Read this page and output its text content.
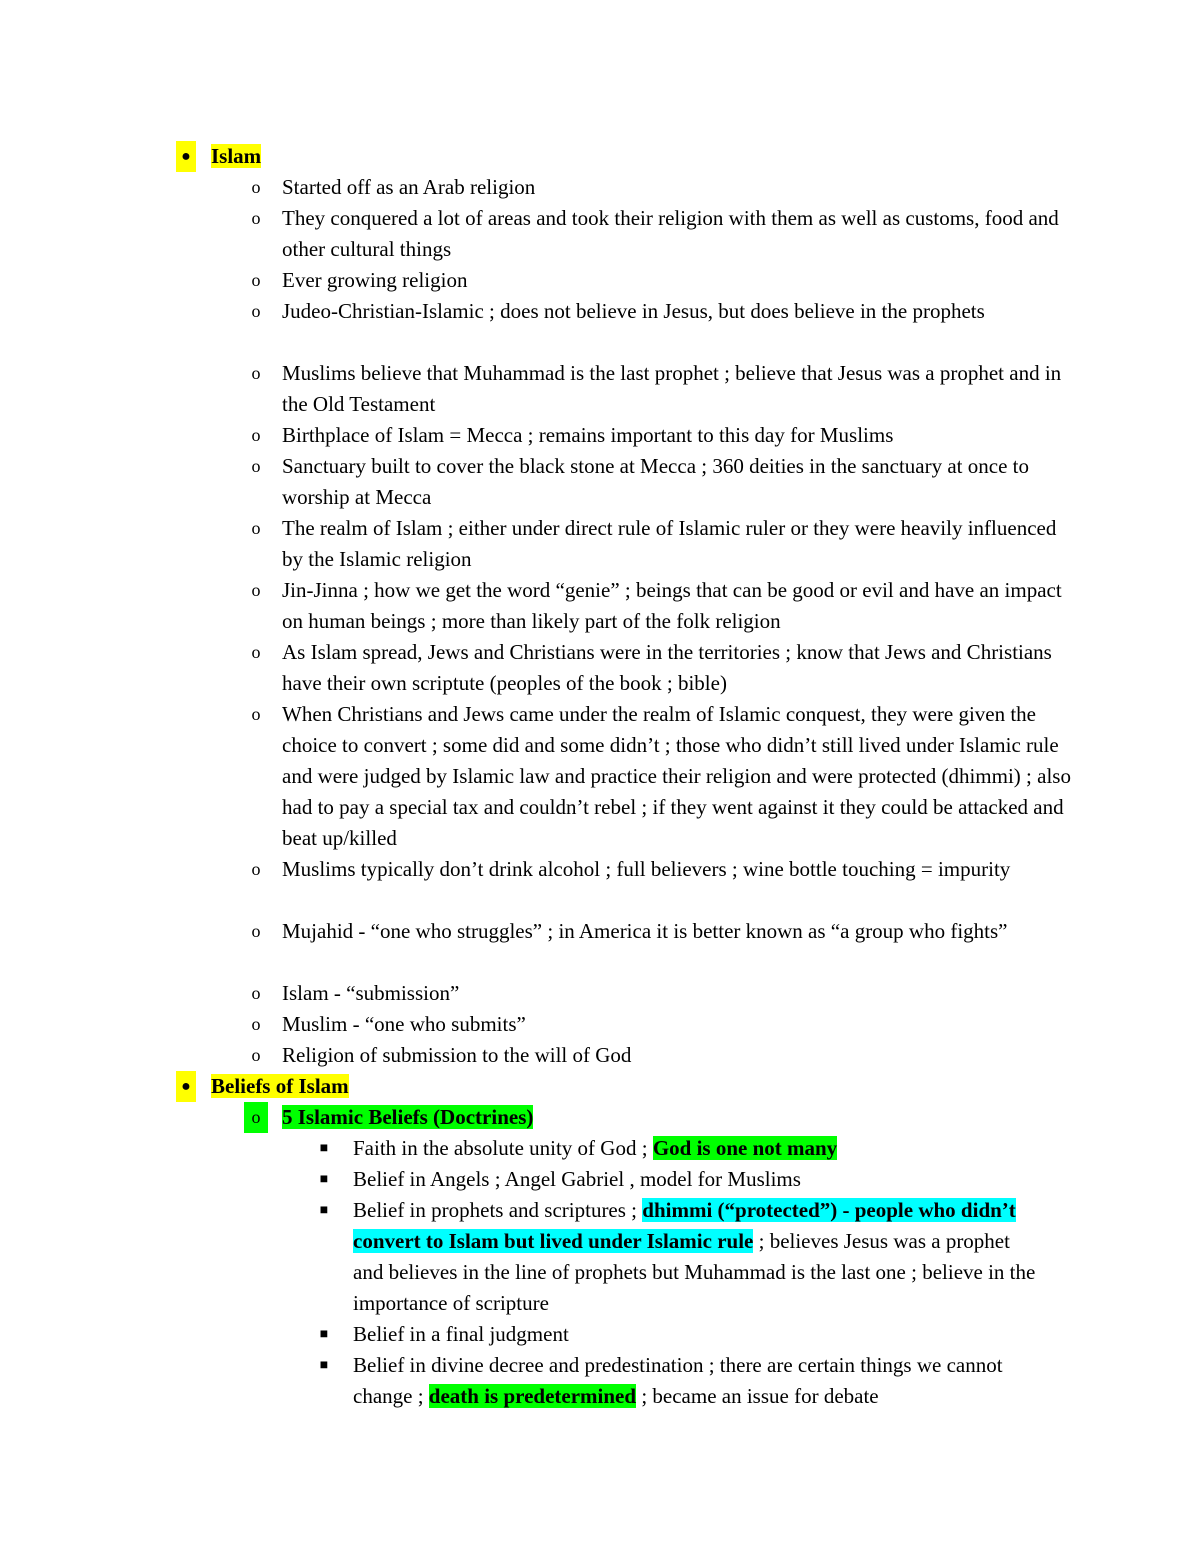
● Islam
o	Started off as an Arab religion
o	They conquered a lot of areas and took their religion with them as well as customs, food and other cultural things
o	Ever growing religion
o	Judeo-Christian-Islamic ; does not believe in Jesus, but does believe in the prophets
o	Muslims believe that Muhammad is the last prophet ; believe that Jesus was a prophet and in the Old Testament
o	Birthplace of Islam = Mecca ; remains important to this day for Muslims
o	Sanctuary built to cover the black stone at Mecca ; 360 deities in the sanctuary at once to worship at Mecca
o	The realm of Islam ; either under direct rule of Islamic ruler or they were heavily influenced by the Islamic religion
o	Jin-Jinna ; how we get the word “genie” ; beings that can be good or evil and have an impact on human beings ; more than likely part of the folk religion
o	As Islam spread, Jews and Christians were in the territories ; know that Jews and Christians have their own scriptute (peoples of the book ; bible)
o	When Christians and Jews came under the realm of Islamic conquest, they were given the choice to convert ; some did and some didn’t ; those who didn’t still lived under Islamic rule and were judged by Islamic law and practice their religion and were protected (dhimmi) ; also had to pay a special tax and couldn’t rebel ; if they went against it they could be attacked and beat up/killed
o	Muslims typically don’t drink alcohol ; full believers ; wine bottle touching = impurity
o	Mujahid - “one who struggles” ; in America it is better known as “a group who fights”
o	Islam - “submission”
o	Muslim - “one who submits”
o	Religion of submission to the will of God
● Beliefs of Islam
o	5 Islamic Beliefs (Doctrines)
■	Faith in the absolute unity of God ; God is one not many
■	Belief in Angels ; Angel Gabriel , model for Muslims
■	Belief in prophets and scriptures ; dhimmi (“protected”) - people who didn’t convert to Islam but lived under Islamic rule ; believes Jesus was a prophet and believes in the line of prophets but Muhammad is the last one ; believe in the importance of scripture
■	Belief in a final judgment
■	Belief in divine decree and predestination ; there are certain things we cannot change ; death is predetermined ; became an issue for debate
